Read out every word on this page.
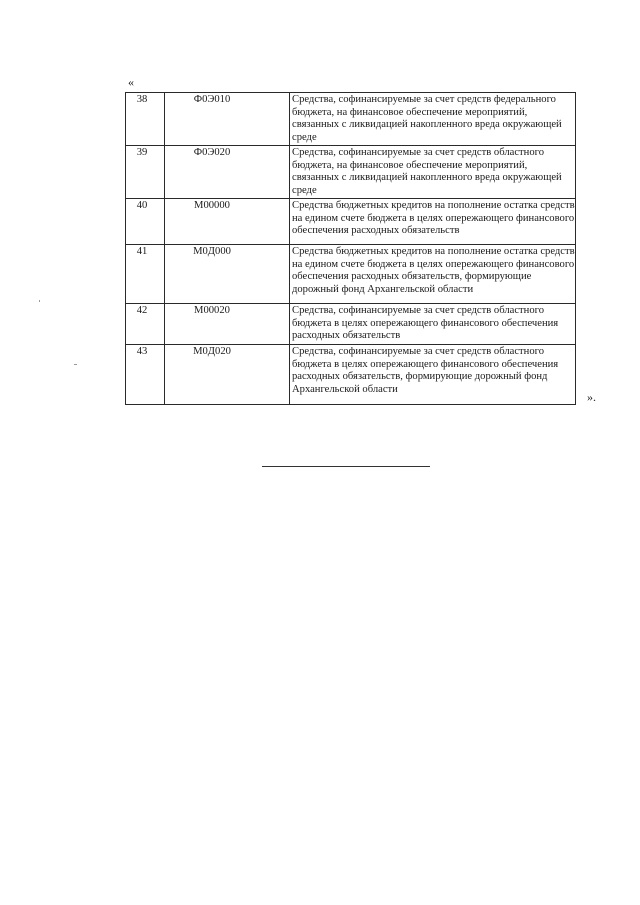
«
38	Ф0Э010	Средства, софинансируемые за счет средств федерального бюджета, на финансовое обеспечение мероприятий, связанных с ликвидацией накопленного вреда окружающей среде
39	Ф0Э020	Средства, софинансируемые за счет средств областного бюджета, на финансовое обеспечение мероприятий, связанных с ликвидацией накопленного вреда окружающей среде
40	М00000	Средства бюджетных кредитов на пополнение остатка средств на едином счете бюджета в целях опережающего финансового обеспечения расходных обязательств
41	М0Д000	Средства бюджетных кредитов на пополнение остатка средств на едином счете бюджета в целях опережающего финансового обеспечения расходных обязательств, формирующие дорожный фонд Архангельской области
42	М00020	Средства, софинансируемые за счет средств областного бюджета в целях опережающего финансового обеспечения расходных обязательств
43	М0Д020	Средства, софинансируемые за счет средств областного бюджета в целях опережающего финансового обеспечения расходных обязательств, формирующие дорожный фонд Архангельской области
».
